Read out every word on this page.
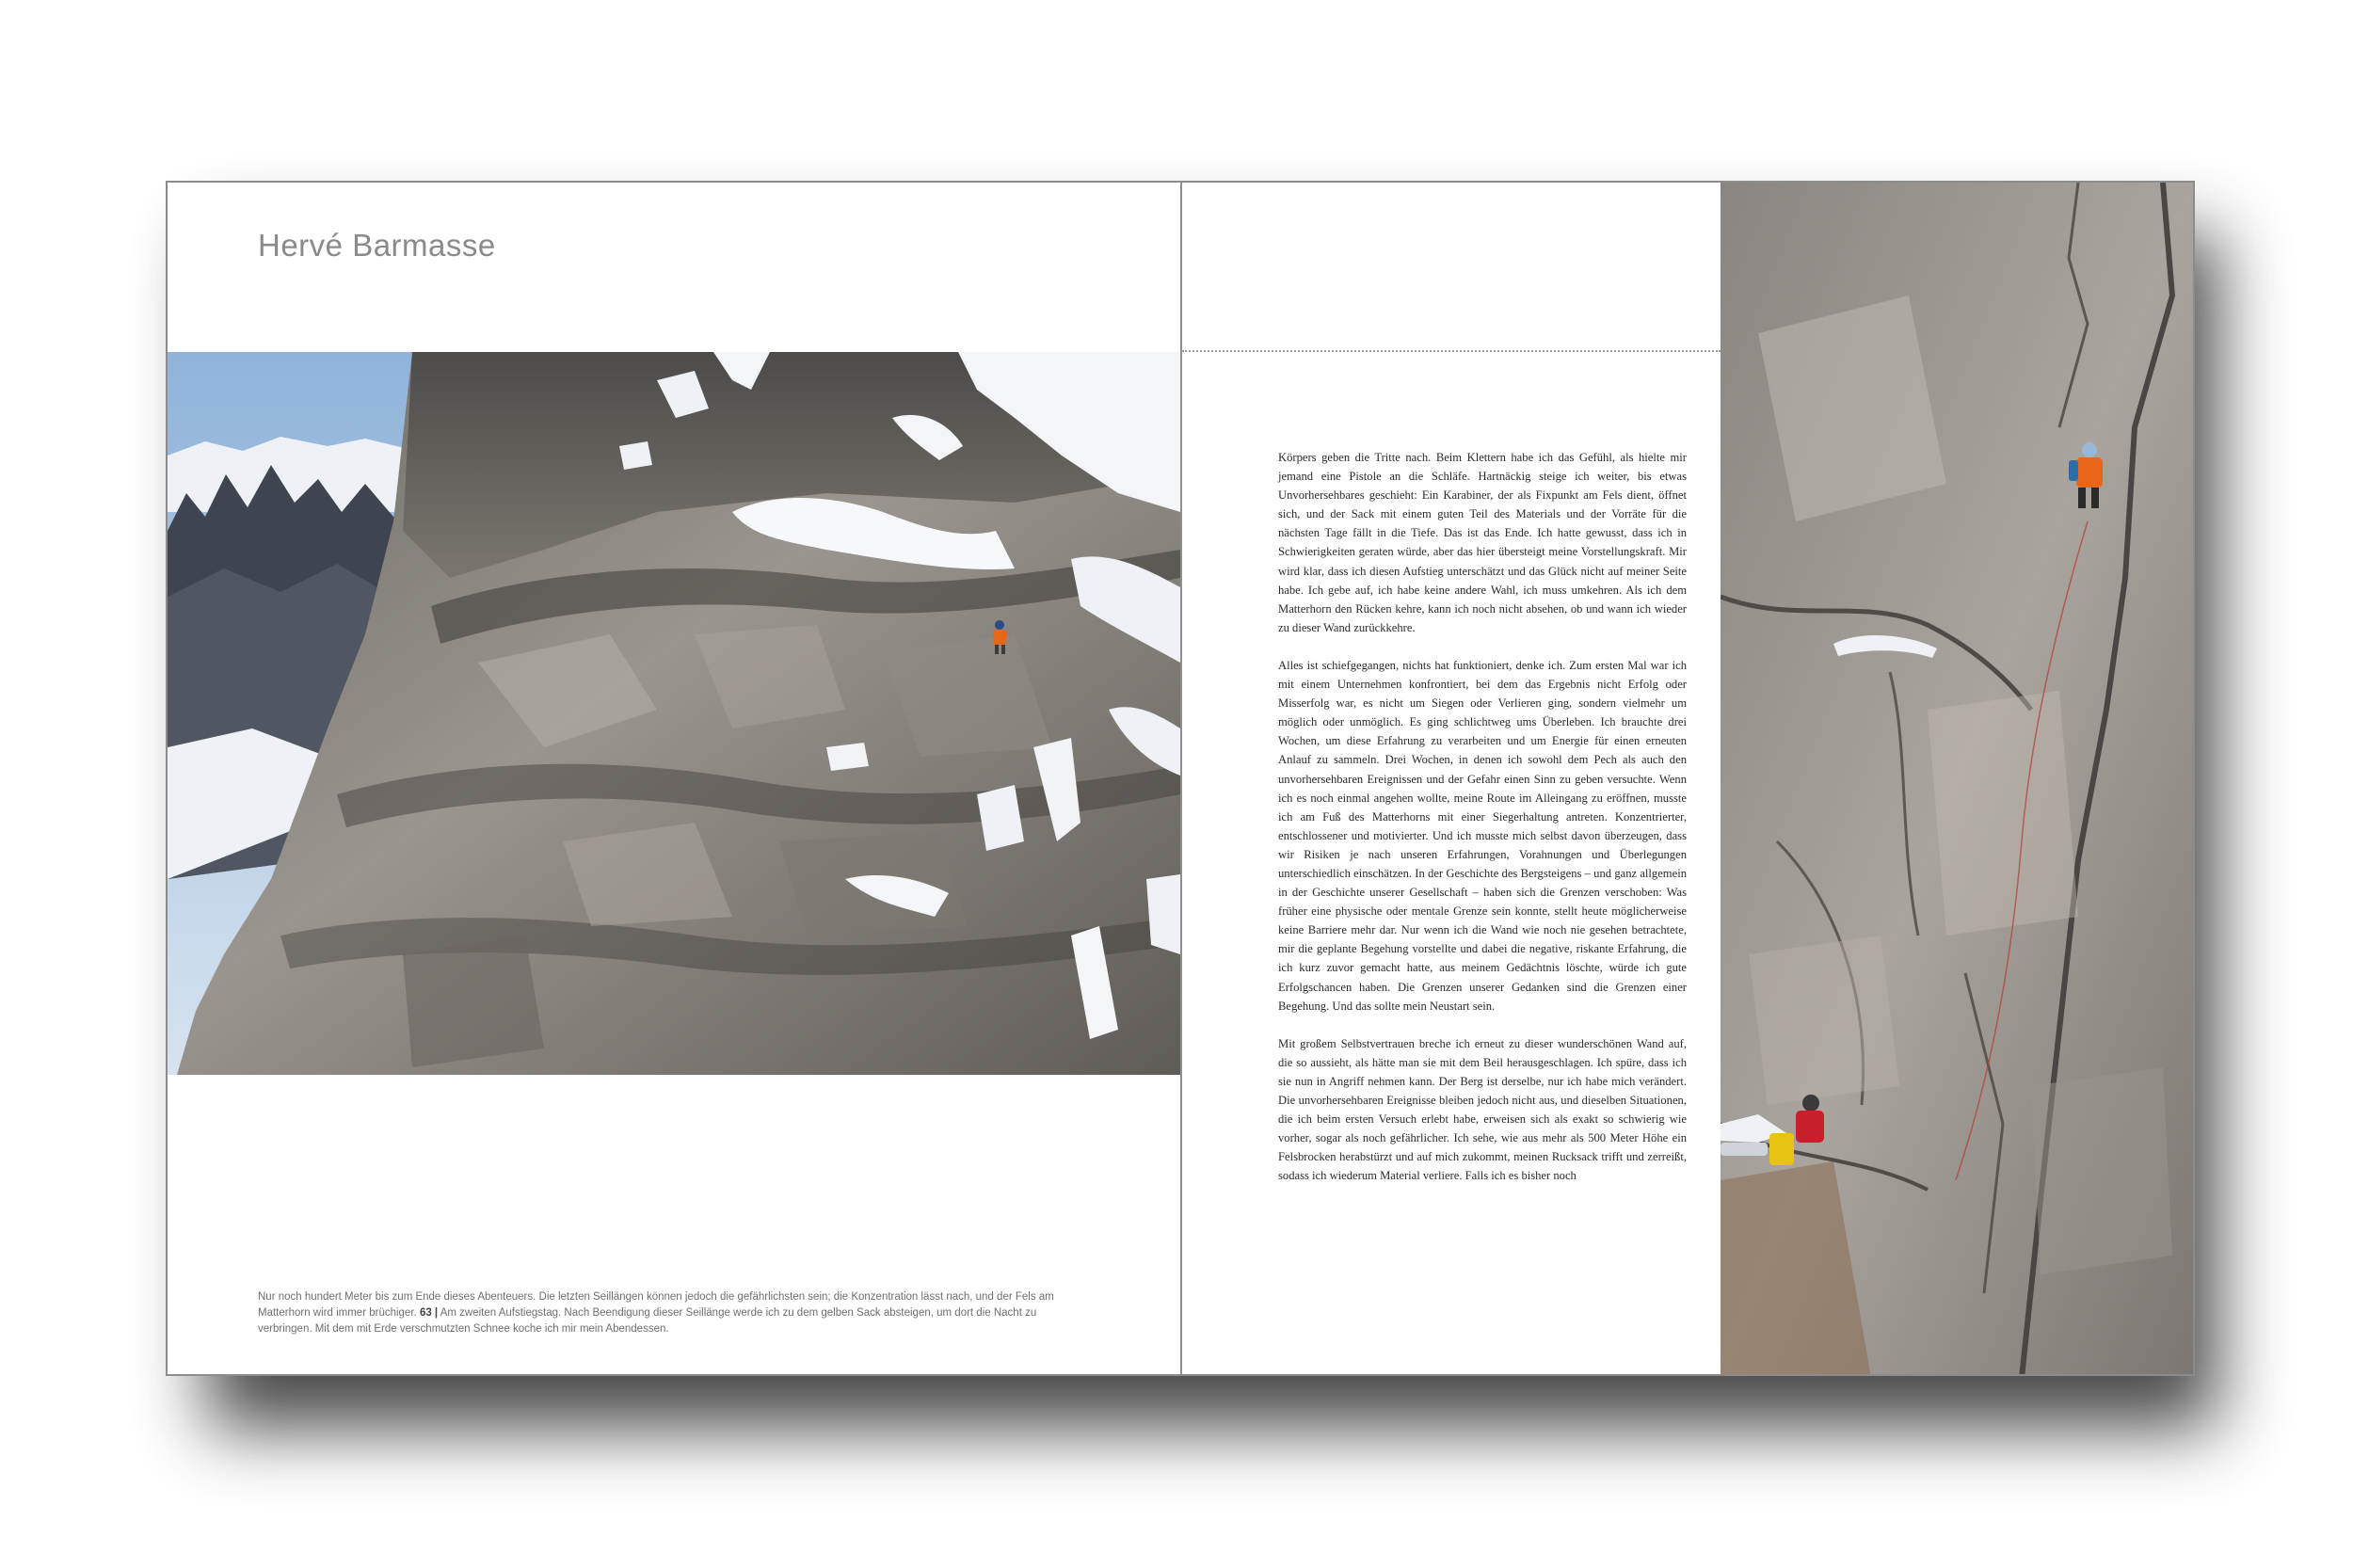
Hervé Barmasse

Nur noch hundert Meter bis zum Ende dieses Abenteuers. Die letzten Seillängen können jedoch die gefährlichsten sein; die Konzentration lässt nach, und der Fels am Matterhorn wird immer brüchiger. 63 | Am zweiten Aufstiegstag. Nach Beendigung dieser Seillänge werde ich zu dem gelben Sack absteigen, um dort die Nacht zu verbringen. Mit dem mit Erde verschmutzten Schnee koche ich mir mein Abendessen.

Körpers geben die Tritte nach. Beim Klettern habe ich das Gefühl, als hielte mir jemand eine Pistole an die Schläfe. Hartnäckig steige ich weiter, bis etwas Unvorhersehbares geschieht: Ein Karabiner, der als Fixpunkt am Fels dient, öffnet sich, und der Sack mit einem guten Teil des Materials und der Vorräte für die nächsten Tage fällt in die Tiefe. Das ist das Ende. Ich hatte gewusst, dass ich in Schwierigkeiten geraten würde, aber das hier übersteigt meine Vorstellungskraft. Mir wird klar, dass ich diesen Aufstieg unterschätzt und das Glück nicht auf meiner Seite habe. Ich gebe auf, ich habe keine andere Wahl, ich muss umkehren. Als ich dem Matterhorn den Rücken kehre, kann ich noch nicht absehen, ob und wann ich wieder zu dieser Wand zurückkehre.

Alles ist schiefgegangen, nichts hat funktioniert, denke ich. Zum ersten Mal war ich mit einem Unternehmen konfrontiert, bei dem das Ergebnis nicht Erfolg oder Misserfolg war, es nicht um Siegen oder Verlieren ging, sondern vielmehr um möglich oder unmöglich. Es ging schlichtweg ums Überleben. Ich brauchte drei Wochen, um diese Erfahrung zu verarbeiten und um Energie für einen erneuten Anlauf zu sammeln. Drei Wochen, in denen ich sowohl dem Pech als auch den unvorhersehbaren Ereignissen und der Gefahr einen Sinn zu geben versuchte. Wenn ich es noch einmal angehen wollte, meine Route im Alleingang zu eröffnen, musste ich am Fuß des Matterhorns mit einer Siegerhaltung antreten. Konzentrierter, entschlossener und motivierter. Und ich musste mich selbst davon überzeugen, dass wir Risiken je nach unseren Erfahrungen, Vorahnungen und Überlegungen unterschiedlich einschätzen. In der Geschichte des Bergsteigens – und ganz allgemein in der Geschichte unserer Gesellschaft – haben sich die Grenzen verschoben: Was früher eine physische oder mentale Grenze sein konnte, stellt heute möglicherweise keine Barriere mehr dar. Nur wenn ich die Wand wie noch nie gesehen betrachtete, mir die geplante Begehung vorstellte und dabei die negative, riskante Erfahrung, die ich kurz zuvor gemacht hatte, aus meinem Gedächtnis löschte, würde ich gute Erfolgschancen haben. Die Grenzen unserer Gedanken sind die Grenzen einer Begehung. Und das sollte mein Neustart sein.

Mit großem Selbstvertrauen breche ich erneut zu dieser wunderschönen Wand auf, die so aussieht, als hätte man sie mit dem Beil herausgeschlagen. Ich spüre, dass ich sie nun in Angriff nehmen kann. Der Berg ist derselbe, nur ich habe mich verändert. Die unvorhersehbaren Ereignisse bleiben jedoch nicht aus, und dieselben Situationen, die ich beim ersten Versuch erlebt habe, erweisen sich als exakt so schwierig wie vorher, sogar als noch gefährlicher. Ich sehe, wie aus mehr als 500 Meter Höhe ein Felsbrocken herabstürzt und auf mich zukommt, meinen Rucksack trifft und zerreißt, sodass ich wiederum Material verliere. Falls ich es bisher noch
